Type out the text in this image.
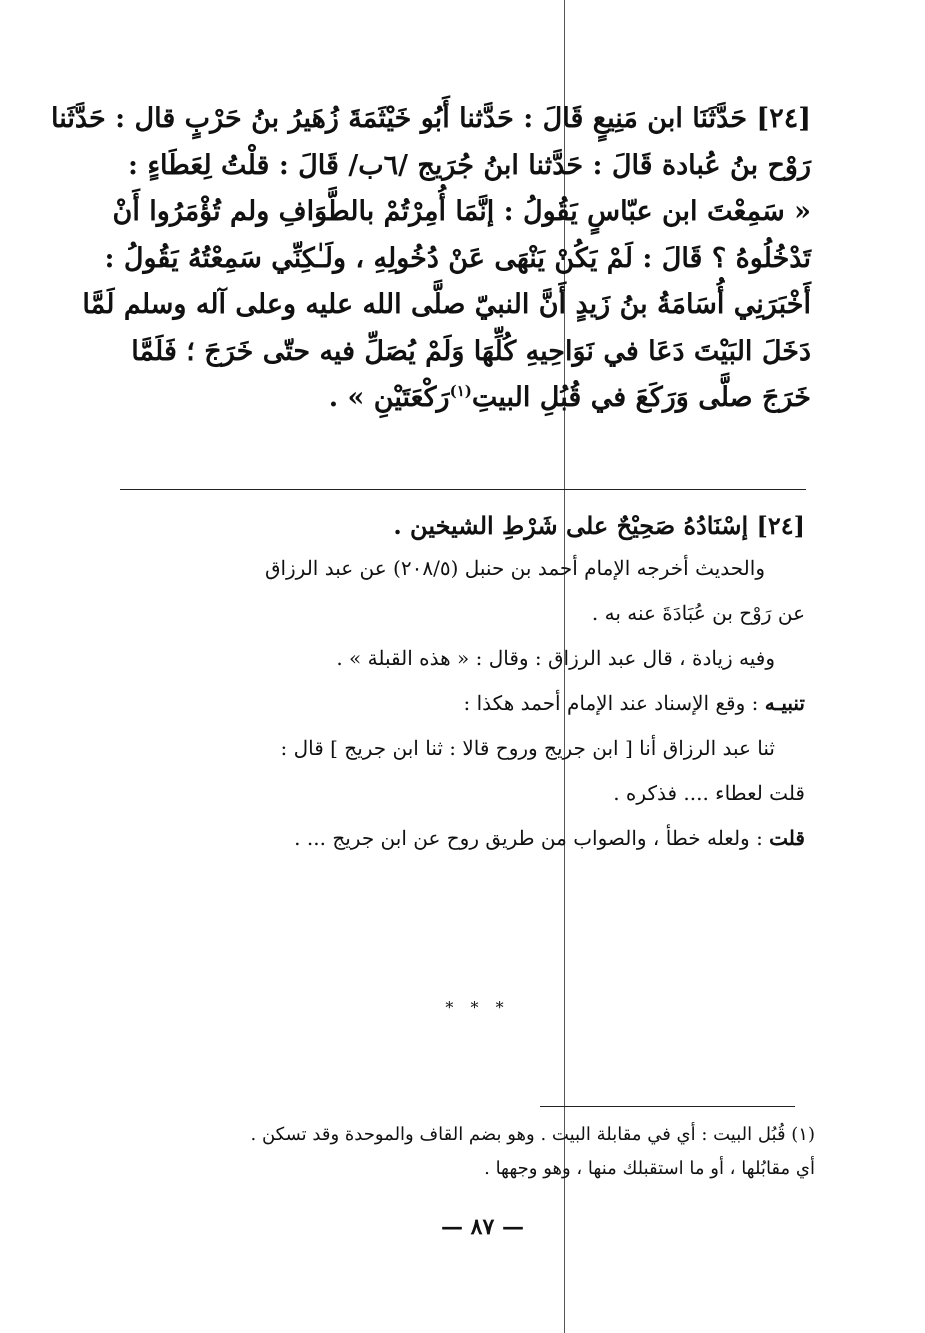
[٢٤] حَدَّثَنَا ابن مَنِيعٍ قَالَ : حَدَّثنا أَبُو خَيْثَمَةَ زُهَيرُ بنُ حَرْبٍ قال : حَدَّثَنا

رَوْح بنُ عُبادة قَالَ : حَدَّثنا ابنُ جُرَيج /٦ب/ قَالَ : قلْتُ لِعَطَاءٍ :

« سَمِعْتَ ابن عبّاسٍ يَقُولُ : إنَّمَا أُمِرْتُمْ بالطَّوَافِ ولم تُؤْمَرُوا أَنْ

تَدْخُلُوهُ ؟ قَالَ : لَمْ يَكُنْ يَنْهَى عَنْ دُخُولِهِ ، ولَـٰكِنِّي سَمِعْتُهُ يَقُولُ :

أَخْبَرَنِي أُسَامَةُ بنُ زَيدٍ أَنَّ النبيّ صلَّى الله عليه وعلى آله وسلم لَمَّا

دَخَلَ البَيْتَ دَعَا في نَوَاحِيهِ كُلِّهَا وَلَمْ يُصَلِّ فيه حتّى خَرَجَ ؛ فَلَمَّا

خَرَجَ صلَّى وَرَكَعَ في قُبُلِ البيتِ$^{(١)}$رَكْعَتَيْنِ » .

[٢٤] إسْنَادُهُ صَحِيْحٌ على شَرْطِ الشيخين .

والحديث أخرجه الإمام أحمد بن حنبل (٢٠٨/٥) عن عبد الرزاق

عن رَوْح بن عُبَادَةَ عنه به .

وفيه زيادة ، قال عبد الرزاق : وقال : « هذه القبلة » .

تنبيـه : وقع الإسناد عند الإمام أحمد هكذا :

ثنا عبد الرزاق أنا [ ابن جريج وروح قالا : ثنا ابن جريج ] قال :

قلت لعطاء .... فذكره .

قلت : ولعله خطأ ، والصواب من طريق روح عن ابن جريج ... .

* * *

(١) قُبُل البيت : أي في مقابلة البيت . وهو بضم القاف والموحدة وقد تسكن .

أي مقابُلها ، أو ما استقبلك منها ، وهو وجهها .

— ٨٧ —
